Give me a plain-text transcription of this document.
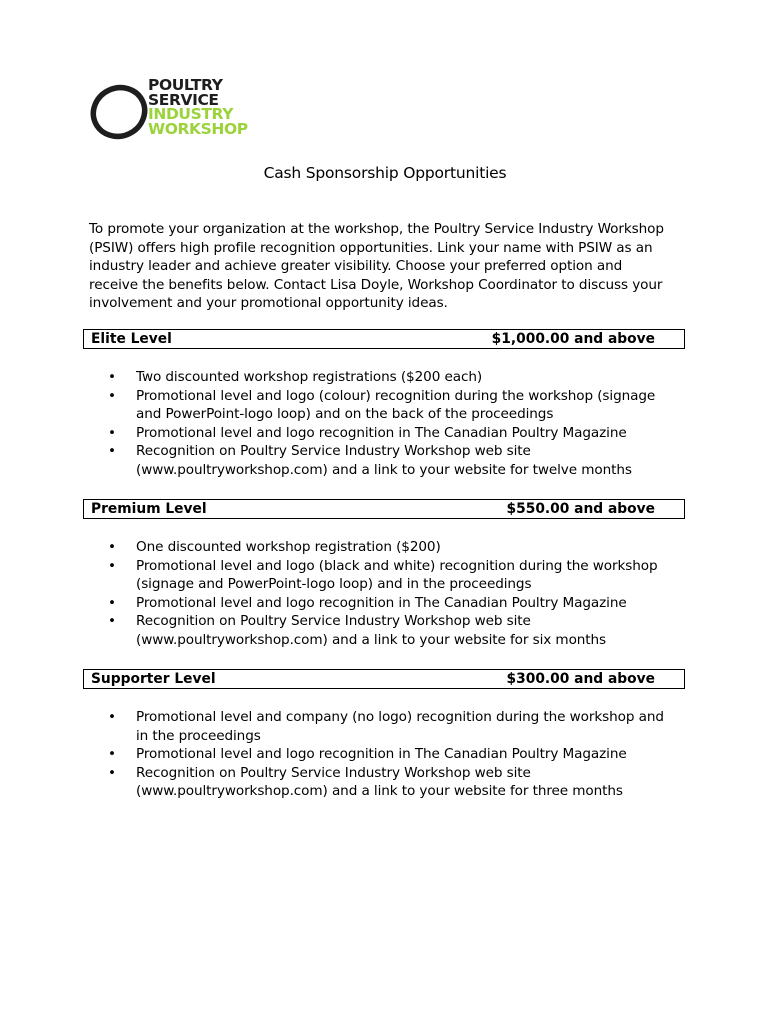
POULTRY
SERVICE
INDUSTRY
WORKSHOP
Cash Sponsorship Opportunities

To promote your organization at the workshop, the Poultry Service Industry Workshop

(PSIW) offers high profile recognition opportunities. Link your name with PSIW as an

industry leader and achieve greater visibility. Choose your preferred option and

receive the benefits below. Contact Lisa Doyle, Workshop Coordinator to discuss your

involvement and your promotional opportunity ideas.

Elite Level	$1,000.00 and above
• Two discounted workshop registrations ($200 each)
• Promotional level and logo (colour) recognition during the workshop (signage
and PowerPoint-logo loop) and on the back of the proceedings
• Promotional level and logo recognition in The Canadian Poultry Magazine
• Recognition on Poultry Service Industry Workshop web site
(www.poultryworkshop.com) and a link to your website for twelve months
Premium Level	$550.00 and above
• One discounted workshop registration ($200)
• Promotional level and logo (black and white) recognition during the workshop
(signage and PowerPoint-logo loop) and in the proceedings
• Promotional level and logo recognition in The Canadian Poultry Magazine
• Recognition on Poultry Service Industry Workshop web site
(www.poultryworkshop.com) and a link to your website for six months
Supporter Level	$300.00 and above
• Promotional level and company (no logo) recognition during the workshop and
in the proceedings
• Promotional level and logo recognition in The Canadian Poultry Magazine
• Recognition on Poultry Service Industry Workshop web site
(www.poultryworkshop.com) and a link to your website for three months
